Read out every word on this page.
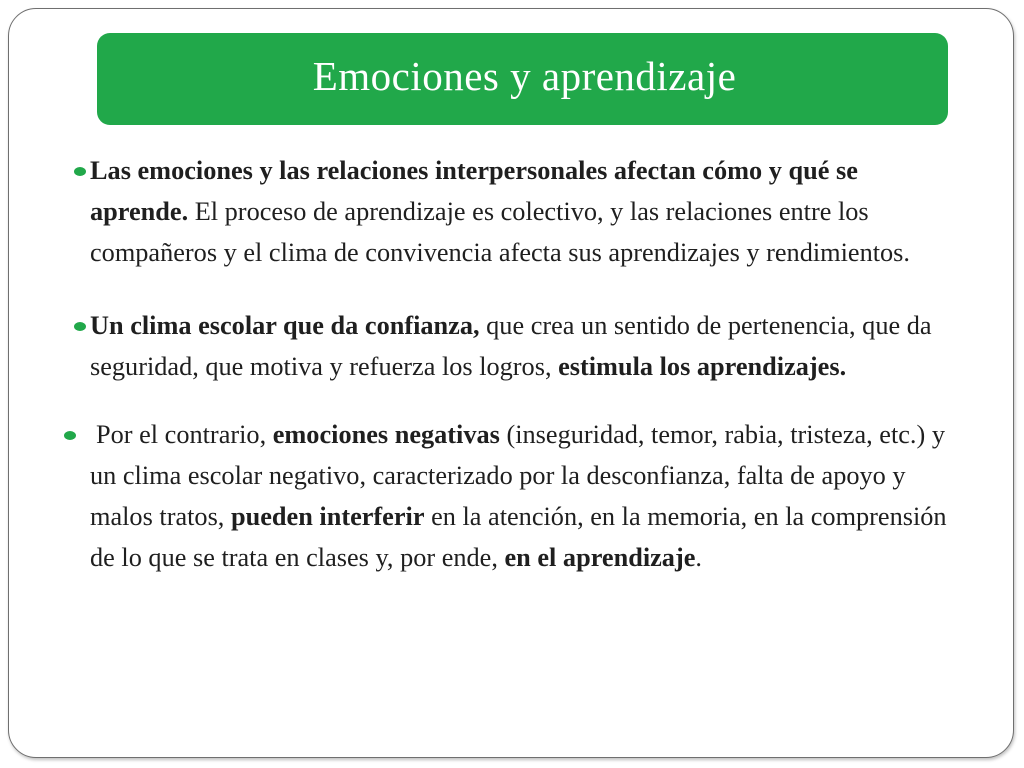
Emociones y aprendizaje

Las emociones y las relaciones interpersonales afectan cómo y qué se aprende. El proceso de aprendizaje es colectivo, y las relaciones entre los compañeros y el clima de convivencia afecta sus aprendizajes y rendimientos.

Un clima escolar que da confianza, que crea un sentido de pertenencia, que da seguridad, que motiva y refuerza los logros, estimula los aprendizajes.

Por el contrario, emociones negativas (inseguridad, temor, rabia, tristeza, etc.) y un clima escolar negativo, caracterizado por la desconfianza, falta de apoyo y malos tratos, pueden interferir en la atención, en la memoria, en la comprensión de lo que se trata en clases y, por ende, en el aprendizaje.
